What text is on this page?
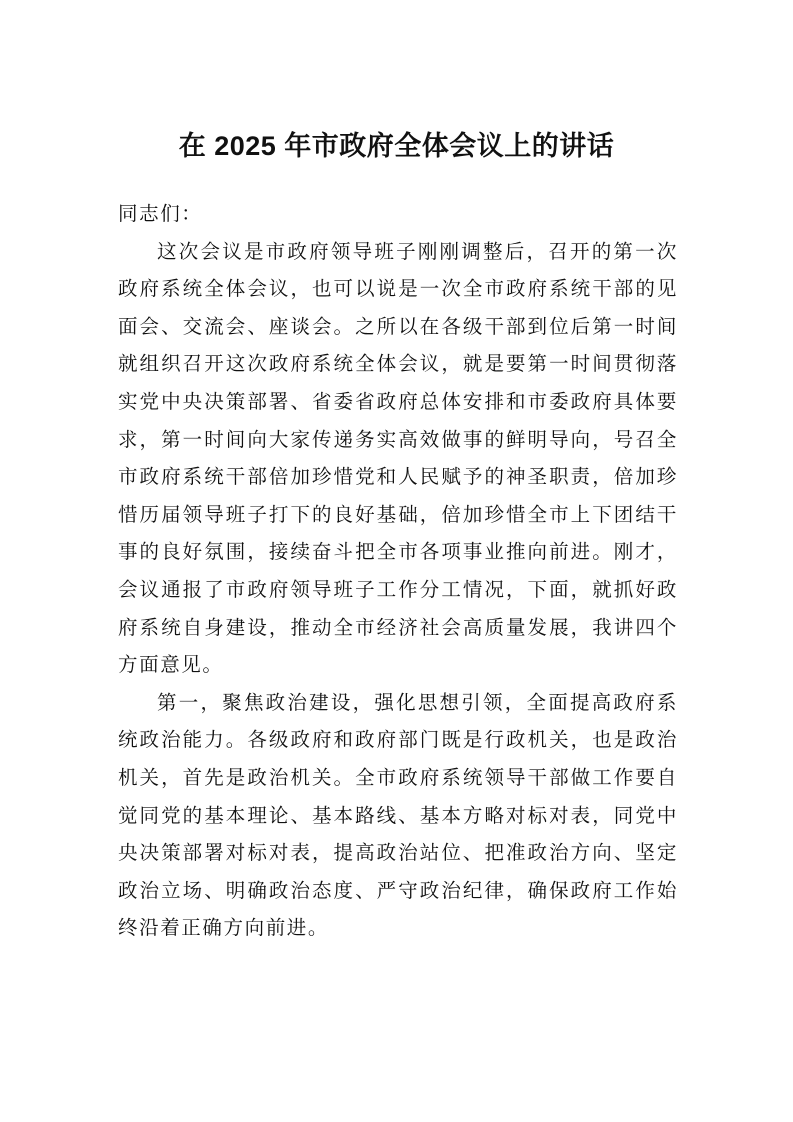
在 2025 年市政府全体会议上的讲话

同志们：

这次会议是市政府领导班子刚刚调整后，召开的第一次政府系统全体会议，也可以说是一次全市政府系统干部的见面会、交流会、座谈会。之所以在各级干部到位后第一时间就组织召开这次政府系统全体会议，就是要第一时间贯彻落实党中央决策部署、省委省政府总体安排和市委政府具体要求，第一时间向大家传递务实高效做事的鲜明导向，号召全市政府系统干部倍加珍惜党和人民赋予的神圣职责，倍加珍惜历届领导班子打下的良好基础，倍加珍惜全市上下团结干事的良好氛围，接续奋斗把全市各项事业推向前进。刚才，会议通报了市政府领导班子工作分工情况，下面，就抓好政府系统自身建设，推动全市经济社会高质量发展，我讲四个方面意见。

第一，聚焦政治建设，强化思想引领，全面提高政府系统政治能力。各级政府和政府部门既是行政机关，也是政治机关，首先是政治机关。全市政府系统领导干部做工作要自觉同党的基本理论、基本路线、基本方略对标对表，同党中央决策部署对标对表，提高政治站位、把准政治方向、坚定政治立场、明确政治态度、严守政治纪律，确保政府工作始终沿着正确方向前进。
